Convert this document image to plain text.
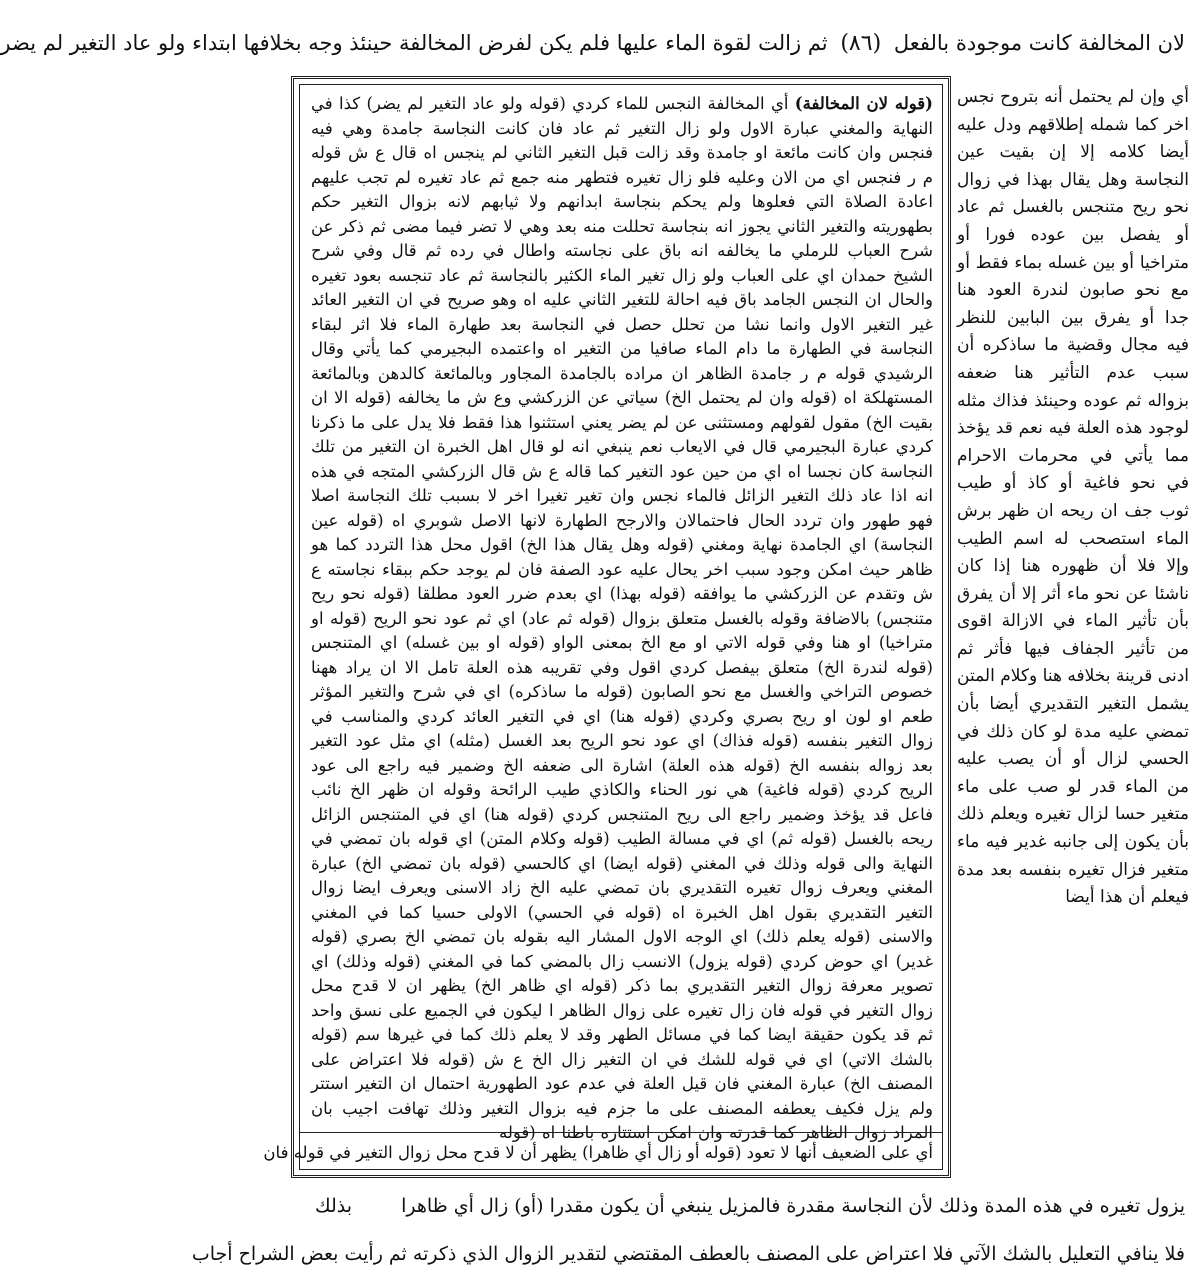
لان المخالفة كانت موجودة بالفعل (٨٦) ثم زالت لقوة الماء عليها فلم يكن لفرض المخالفة حينئذ وجه بخلافها ابتداء ولو عاد التغير لم يضر
(قوله لان المخالفة) أي المخالفة النجس للماء كردي (قوله ولو عاد التغير لم يضر) كذا في النهاية والمغني عبارة الاول ولو زال التغير ثم عاد فان كانت النجاسة جامدة وهي فيه فنجس وان كانت مائعة او جامدة وقد زالت قبل التغير الثاني لم ينجس اه قال ع ش قوله م ر فنجس اي من الان وعليه فلو زال تغيره فتطهر منه جمع ثم عاد تغيره لم تجب عليهم اعادة الصلاة التي فعلوها ولم يحكم بنجاسة ابدانهم ولا ثيابهم لانه بزوال التغير حكم بطهوريته والتغير الثاني يجوز انه بنجاسة تحللت منه بعد وهي لا تضر فيما مضى ثم ذكر عن شرح العباب للرملي ما يخالفه انه باق على نجاسته واطال في رده ثم قال وفي شرح الشيخ حمدان اي على العباب ولو زال تغير الماء الكثير بالنجاسة ثم عاد تنجسه بعود تغيره والحال ان النجس الجامد باق فيه احالة للتغير الثاني عليه اه وهو صريح في ان التغير العائد غير التغير الاول وانما نشا من تحلل حصل في النجاسة بعد طهارة الماء فلا اثر لبقاء النجاسة في الطهارة ما دام الماء صافيا من التغير اه واعتمده البجيرمي كما يأتي وقال الرشيدي قوله م ر جامدة الظاهر ان مراده بالجامدة المجاور وبالمائعة كالدهن وبالمائعة المستهلكة اه (قوله وان لم يحتمل الخ) سياتي عن الزركشي وع ش ما يخالفه (قوله الا ان بقيت الخ) مقول لقولهم ومستثنى عن لم يضر يعني استثنوا هذا فقط فلا يدل على ما ذكرنا كردي عبارة البجيرمي قال في الايعاب نعم ينبغي انه لو قال اهل الخبرة ان التغير من تلك النجاسة كان نجسا اه اي من حين عود التغير كما قاله ع ش قال الزركشي المتجه في هذه انه اذا عاد ذلك التغير الزائل فالماء نجس وان تغير تغيرا اخر لا بسبب تلك النجاسة اصلا فهو طهور وان تردد الحال فاحتمالان والارجح الطهارة لانها الاصل شوبري اه (قوله عين النجاسة) اي الجامدة نهاية ومغني (قوله وهل يقال هذا الخ) اقول محل هذا التردد كما هو ظاهر حيث امكن وجود سبب اخر يحال عليه عود الصفة فان لم يوجد حكم ببقاء نجاسته ع ش وتقدم عن الزركشي ما يوافقه (قوله بهذا) اي بعدم ضرر العود مطلقا (قوله نحو ريح متنجس) بالاضافة وقوله بالغسل متعلق بزوال (قوله ثم عاد) اي ثم عود نحو الريح (قوله او متراخيا) او هنا وفي قوله الاتي او مع الخ بمعنى الواو (قوله او بين غسله) اي المتنجس (قوله لندرة الخ) متعلق بيفصل كردي اقول وفي تقريبه هذه العلة تامل الا ان يراد ههنا خصوص التراخي والغسل مع نحو الصابون (قوله ما ساذكره) اي في شرح والتغير المؤثر طعم او لون او ريح بصري وكردي (قوله هنا) اي في التغير العائد كردي والمناسب في زوال التغير بنفسه (قوله فذاك) اي عود نحو الريح بعد الغسل (مثله) اي مثل عود التغير بعد زواله بنفسه الخ (قوله هذه العلة) اشارة الى ضعفه الخ وضمير فيه راجع الى عود الريح كردي (قوله فاغية) هي نور الحناء والكاذي طيب الرائحة وقوله ان ظهر الخ نائب فاعل قد يؤخذ وضمير راجع الى ريح المتنجس كردي (قوله هنا) اي في المتنجس الزائل ريحه بالغسل (قوله ثم) اي في مسالة الطيب (قوله وكلام المتن) اي قوله بان تمضي في النهاية والى قوله وذلك في المغني (قوله ايضا) اي كالحسي (قوله بان تمضي الخ) عبارة المغني ويعرف زوال تغيره التقديري بان تمضي عليه الخ زاد الاسنى ويعرف ايضا زوال التغير التقديري بقول اهل الخبرة اه (قوله في الحسي) الاولى حسيا كما في المغني والاسنى (قوله يعلم ذلك) اي الوجه الاول المشار اليه بقوله بان تمضي الخ بصري (قوله غدير) اي حوض كردي (قوله يزول) الانسب زال بالمضي كما في المغني (قوله وذلك) اي تصوير معرفة زوال التغير التقديري بما ذكر (قوله اي ظاهر الخ) يظهر ان لا قدح محل زوال التغير في قوله فان زال تغيره على زوال الظاهر ا ليكون في الجميع على نسق واحد ثم قد يكون حقيقة ايضا كما في مسائل الطهر وقد لا يعلم ذلك كما في غيرها سم (قوله بالشك الاتي) اي في قوله للشك في ان التغير زال الخ ع ش (قوله فلا اعتراض على المصنف الخ) عبارة المغني فان قيل العلة في عدم عود الطهورية احتمال ان التغير استتر ولم يزل فكيف يعطفه المصنف على ما جزم فيه بزوال التغير وذلك تهافت اجيب بان المراد زوال الظاهر كما قدرته وان امكن استتاره باطنا اه (قوله
أي على الضعيف أنها لا تعود (قوله أو زال أي ظاهرا) يظهر أن لا قدح محل زوال التغير في قوله فان
أي وإن لم يحتمل أنه بتروح نجس اخر كما شمله إطلاقهم ودل عليه أيضا كلامه إلا إن بقيت عين النجاسة وهل يقال بهذا في زوال نحو ريح متنجس بالغسل ثم عاد أو يفصل بين عوده فورا أو متراخيا أو بين غسله بماء فقط أو مع نحو صابون لندرة العود هنا جدا أو يفرق بين البابين للنظر فيه مجال وقضية ما ساذكره أن سبب عدم التأثير هنا ضعفه بزواله ثم عوده وحينئذ فذاك مثله لوجود هذه العلة فيه نعم قد يؤخذ مما يأتي في محرمات الاحرام في نحو فاغية أو كاذ أو طيب ثوب جف ان ريحه ان ظهر برش الماء استصحب له اسم الطيب وإلا فلا أن ظهوره هنا إذا كان ناشئا عن نحو ماء أثر إلا أن يفرق بأن تأثير الماء في الازالة اقوى من تأثير الجفاف فيها فأثر ثم ادنى قرينة بخلافه هنا وكلام المتن يشمل التغير التقديري أيضا بأن تمضي عليه مدة لو كان ذلك في الحسي لزال أو أن يصب عليه من الماء قدر لو صب على ماء متغير حسا لزال تغيره ويعلم ذلك بأن يكون إلى جانبه غدير فيه ماء متغير فزال تغيره بنفسه بعد مدة فيعلم أن هذا أيضا
يزول تغيره في هذه المدة وذلك لأن النجاسة مقدرة فالمزيل ينبغي أن يكون مقدرا (أو) زال أي ظاهرا
بذلك
فلا ينافي التعليل بالشك الآتي فلا اعتراض على المصنف بالعطف المقتضي لتقدير الزوال الذي ذكرته ثم رأيت بعض الشراح أجاب
